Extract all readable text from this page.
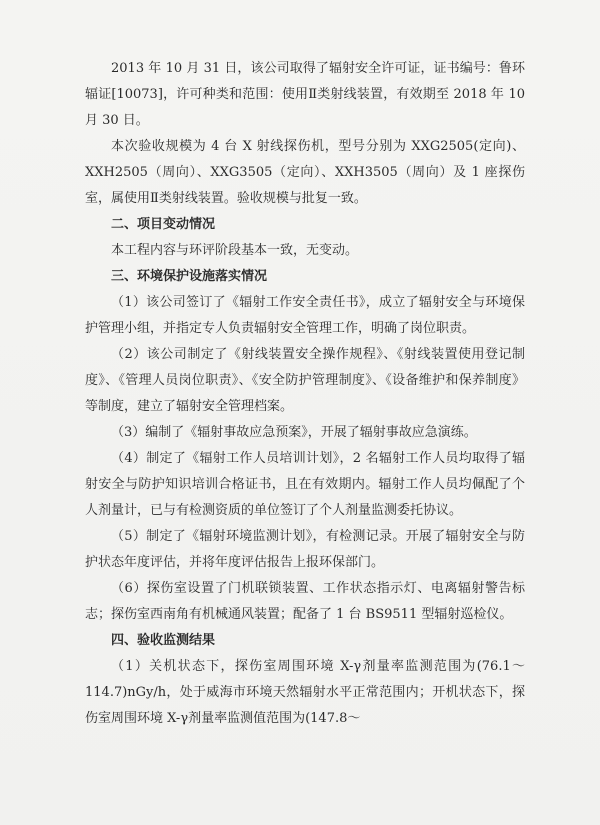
2013 年 10 月 31 日，该公司取得了辐射安全许可证，证书编号：鲁环辐证[10073]，许可种类和范围：使用Ⅱ类射线装置，有效期至 2018 年 10 月 30 日。

本次验收规模为 4 台 X 射线探伤机，型号分别为 XXG2505(定向)、XXH2505（周向）、XXG3505（定向）、XXH3505（周向）及 1 座探伤室，属使用Ⅱ类射线装置。验收规模与批复一致。

二、项目变动情况

本工程内容与环评阶段基本一致，无变动。

三、环境保护设施落实情况

（1）该公司签订了《辐射工作安全责任书》，成立了辐射安全与环境保护管理小组，并指定专人负责辐射安全管理工作，明确了岗位职责。

（2）该公司制定了《射线装置安全操作规程》、《射线装置使用登记制度》、《管理人员岗位职责》、《安全防护管理制度》、《设备维护和保养制度》等制度，建立了辐射安全管理档案。

（3）编制了《辐射事故应急预案》，开展了辐射事故应急演练。

（4）制定了《辐射工作人员培训计划》，2 名辐射工作人员均取得了辐射安全与防护知识培训合格证书，且在有效期内。辐射工作人员均佩配了个人剂量计，已与有检测资质的单位签订了个人剂量监测委托协议。

（5）制定了《辐射环境监测计划》，有检测记录。开展了辐射安全与防护状态年度评估，并将年度评估报告上报环保部门。

（6）探伤室设置了门机联锁装置、工作状态指示灯、电离辐射警告标志；探伤室西南角有机械通风装置；配备了 1 台 BS9511 型辐射巡检仪。

四、验收监测结果

（1）关机状态下，探伤室周围环境 X-γ剂量率监测范围为(76.1～114.7)nGy/h，处于威海市环境天然辐射水平正常范围内；开机状态下，探伤室周围环境 X-γ剂量率监测值范围为(147.8～
